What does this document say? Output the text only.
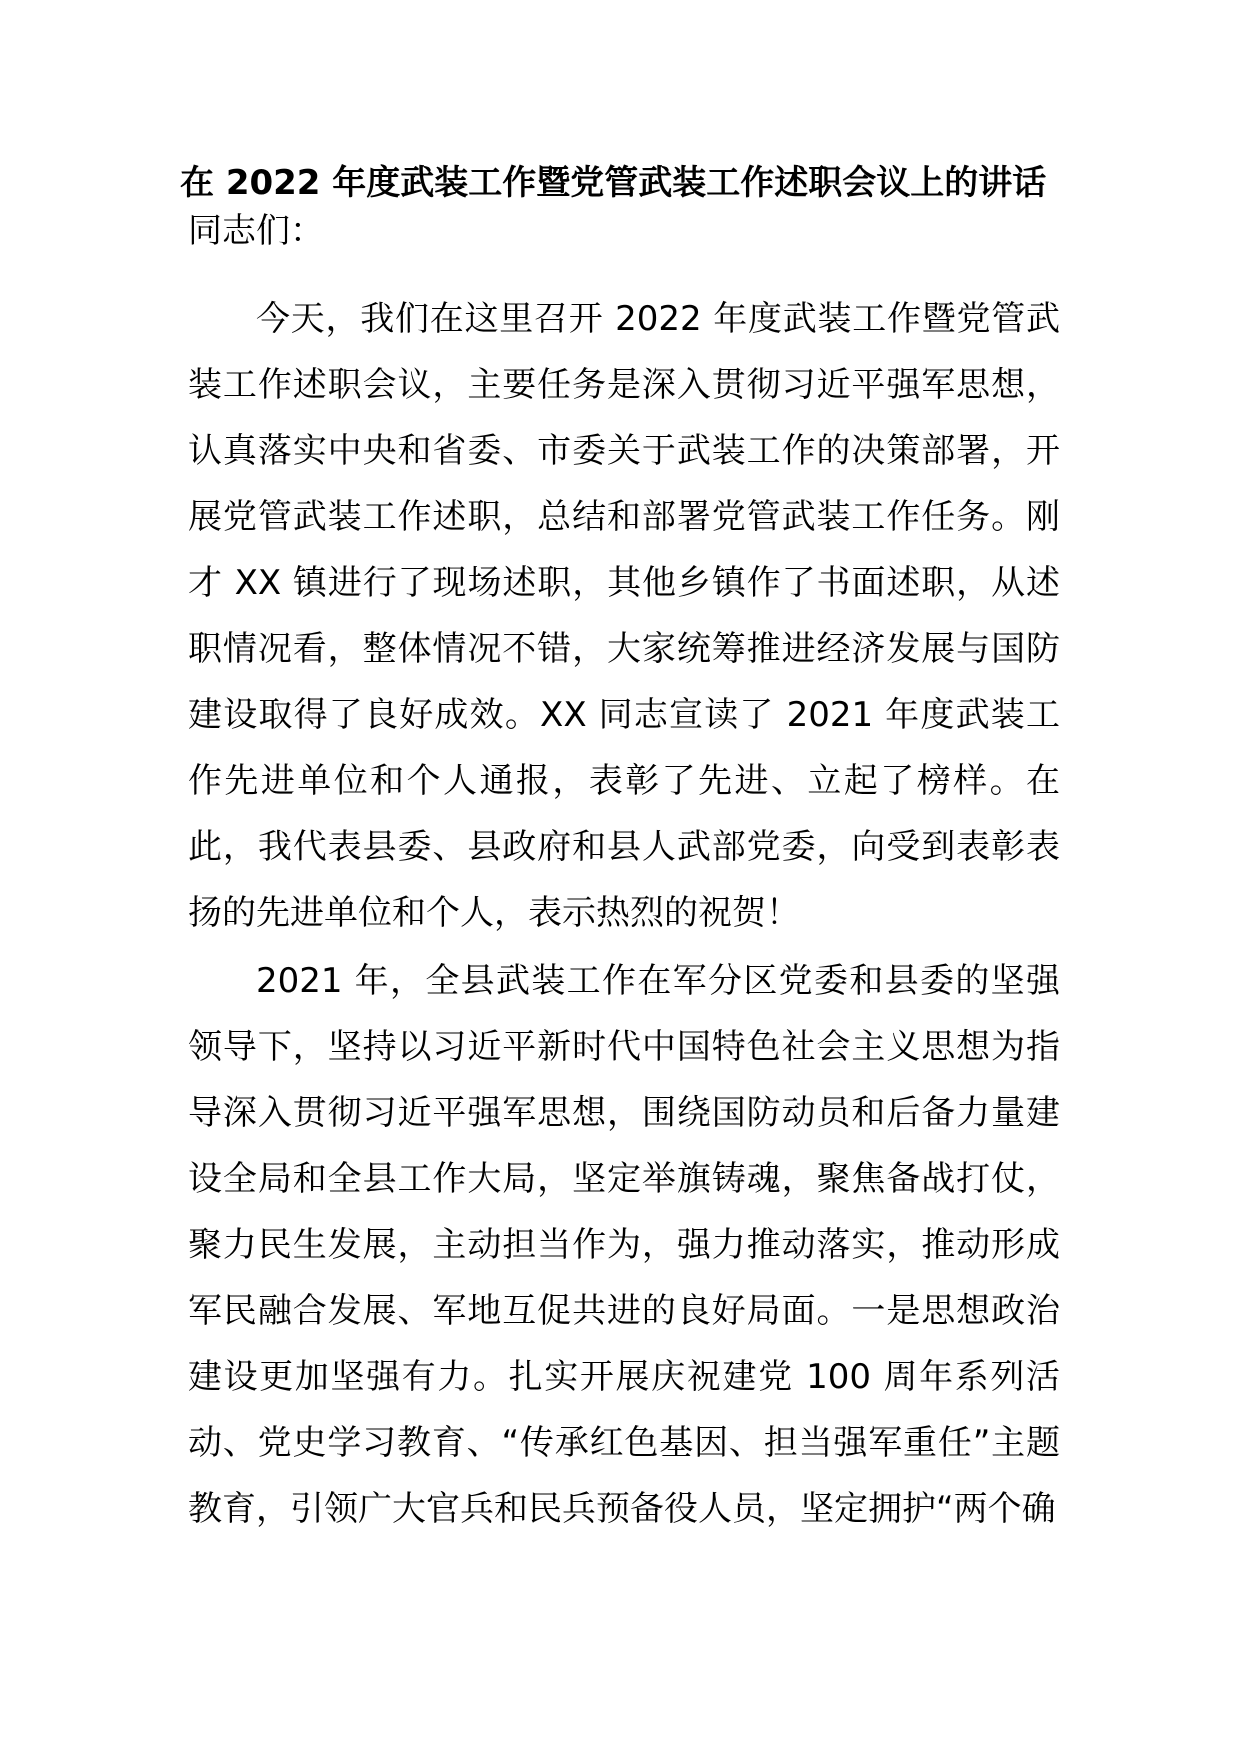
在 2022 年度武装工作暨党管武装工作述职会议上的讲话
同志们：
今天，我们在这里召开 2022 年度武装工作暨党管武装工作述职会议，主要任务是深入贯彻习近平强军思想，认真落实中央和省委、市委关于武装工作的决策部署，开展党管武装工作述职，总结和部署党管武装工作任务。刚才 XX 镇进行了现场述职，其他乡镇作了书面述职，从述职情况看，整体情况不错，大家统筹推进经济发展与国防建设取得了良好成效。XX 同志宣读了 2021 年度武装工作先进单位和个人通报，表彰了先进、立起了榜样。在此，我代表县委、县政府和县人武部党委，向受到表彰表扬的先进单位和个人，表示热烈的祝贺！
2021 年，全县武装工作在军分区党委和县委的坚强领导下，坚持以习近平新时代中国特色社会主义思想为指导深入贯彻习近平强军思想，围绕国防动员和后备力量建设全局和全县工作大局，坚定举旗铸魂，聚焦备战打仗，聚力民生发展，主动担当作为，强力推动落实，推动形成军民融合发展、军地互促共进的良好局面。一是思想政治建设更加坚强有力。扎实开展庆祝建党 100 周年系列活动、党史学习教育、“传承红色基因、担当强军重任”主题教育，引领广大官兵和民兵预备役人员，坚定拥护“两个确
